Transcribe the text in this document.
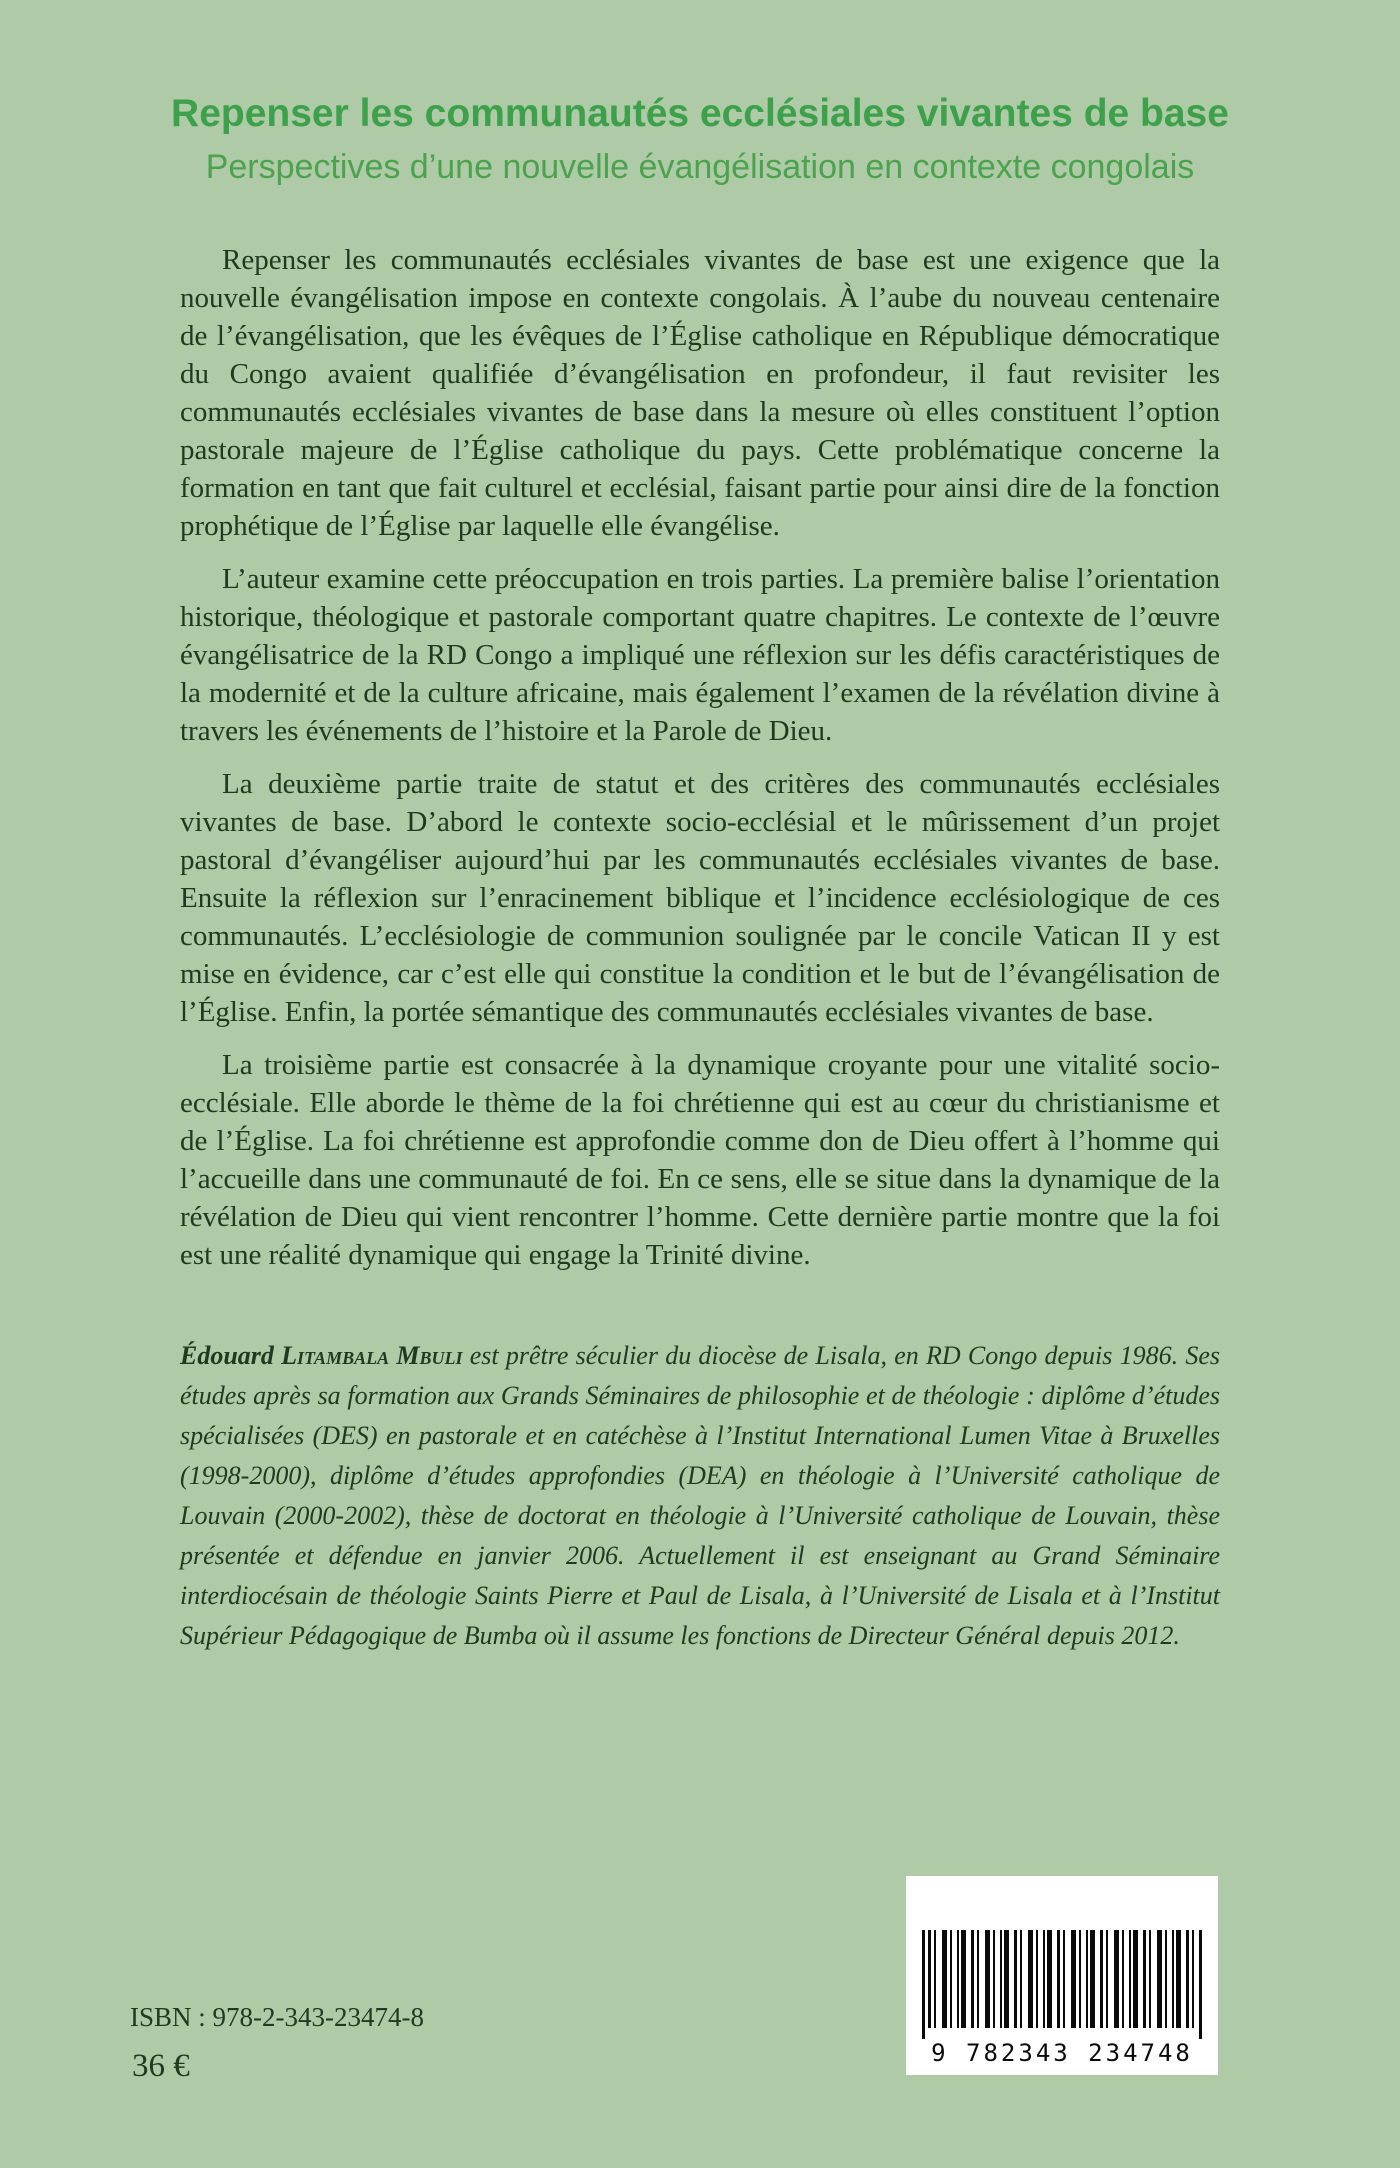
Repenser les communautés ecclésiales vivantes de base
Perspectives d’une nouvelle évangélisation en contexte congolais

Repenser les communautés ecclésiales vivantes de base est une exigence que la nouvelle évangélisation impose en contexte congolais. À l’aube du nouveau centenaire de l’évangélisation, que les évêques de l’Église catholique en République démocratique du Congo avaient qualifiée d’évangélisation en profondeur, il faut revisiter les communautés ecclésiales vivantes de base dans la mesure où elles constituent l’option pastorale majeure de l’Église catholique du pays. Cette problématique concerne la formation en tant que fait culturel et ecclésial, faisant partie pour ainsi dire de la fonction prophétique de l’Église par laquelle elle évangélise.

L’auteur examine cette préoccupation en trois parties. La première balise l’orientation historique, théologique et pastorale comportant quatre chapitres. Le contexte de l’œuvre évangélisatrice de la RD Congo a impliqué une réflexion sur les défis caractéristiques de la modernité et de la culture africaine, mais également l’examen de la révélation divine à travers les événements de l’histoire et la Parole de Dieu.

La deuxième partie traite de statut et des critères des communautés ecclésiales vivantes de base. D’abord le contexte socio-ecclésial et le mûrissement d’un projet pastoral d’évangéliser aujourd’hui par les communautés ecclésiales vivantes de base. Ensuite la réflexion sur l’enracinement biblique et l’incidence ecclésiologique de ces communautés. L’ecclésiologie de communion soulignée par le concile Vatican II y est mise en évidence, car c’est elle qui constitue la condition et le but de l’évangélisation de l’Église. Enfin, la portée sémantique des communautés ecclésiales vivantes de base.

La troisième partie est consacrée à la dynamique croyante pour une vitalité socio-ecclésiale. Elle aborde le thème de la foi chrétienne qui est au cœur du christianisme et de l’Église. La foi chrétienne est approfondie comme don de Dieu offert à l’homme qui l’accueille dans une communauté de foi. En ce sens, elle se situe dans la dynamique de la révélation de Dieu qui vient rencontrer l’homme. Cette dernière partie montre que la foi est une réalité dynamique qui engage la Trinité divine.

Édouard Litambala Mbuli est prêtre séculier du diocèse de Lisala, en RD Congo depuis 1986. Ses études après sa formation aux Grands Séminaires de philosophie et de théologie : diplôme d’études spécialisées (DES) en pastorale et en catéchèse à l’Institut International Lumen Vitae à Bruxelles (1998-2000), diplôme d’études approfondies (DEA) en théologie à l’Université catholique de Louvain (2000-2002), thèse de doctorat en théologie à l’Université catholique de Louvain, thèse présentée et défendue en janvier 2006. Actuellement il est enseignant au Grand Séminaire interdiocésain de théologie Saints Pierre et Paul de Lisala, à l’Université de Lisala et à l’Institut Supérieur Pédagogique de Bumba où il assume les fonctions de Directeur Général depuis 2012.

ISBN : 978-2-343-23474-8
36 €	9 782343 234748
